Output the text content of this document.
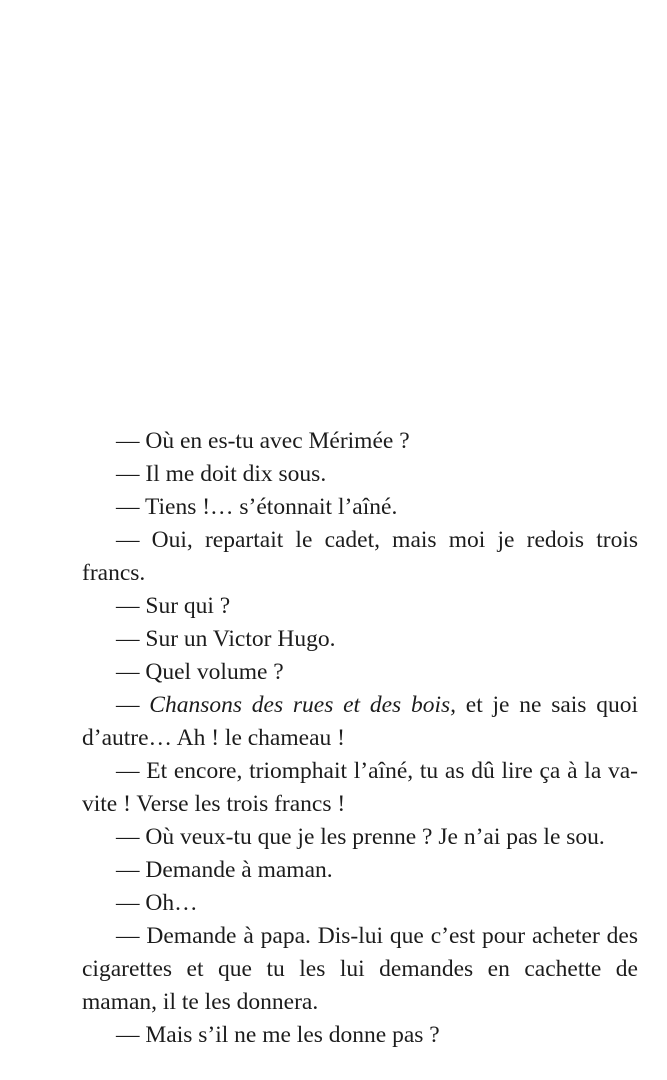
— Où en es-tu avec Mérimée ?

— Il me doit dix sous.

— Tiens !… s’étonnait l’aîné.

— Oui, repartait le cadet, mais moi je redois trois francs.

— Sur qui ?

— Sur un Victor Hugo.

— Quel volume ?

— Chansons des rues et des bois, et je ne sais quoi d’autre… Ah ! le chameau !

— Et encore, triomphait l’aîné, tu as dû lire ça à la va-vite ! Verse les trois francs !

— Où veux-tu que je les prenne ? Je n’ai pas le sou.

— Demande à maman.

— Oh…

— Demande à papa. Dis-lui que c’est pour acheter des cigarettes et que tu les lui demandes en cachette de maman, il te les donnera.

— Mais s’il ne me les donne pas ?
